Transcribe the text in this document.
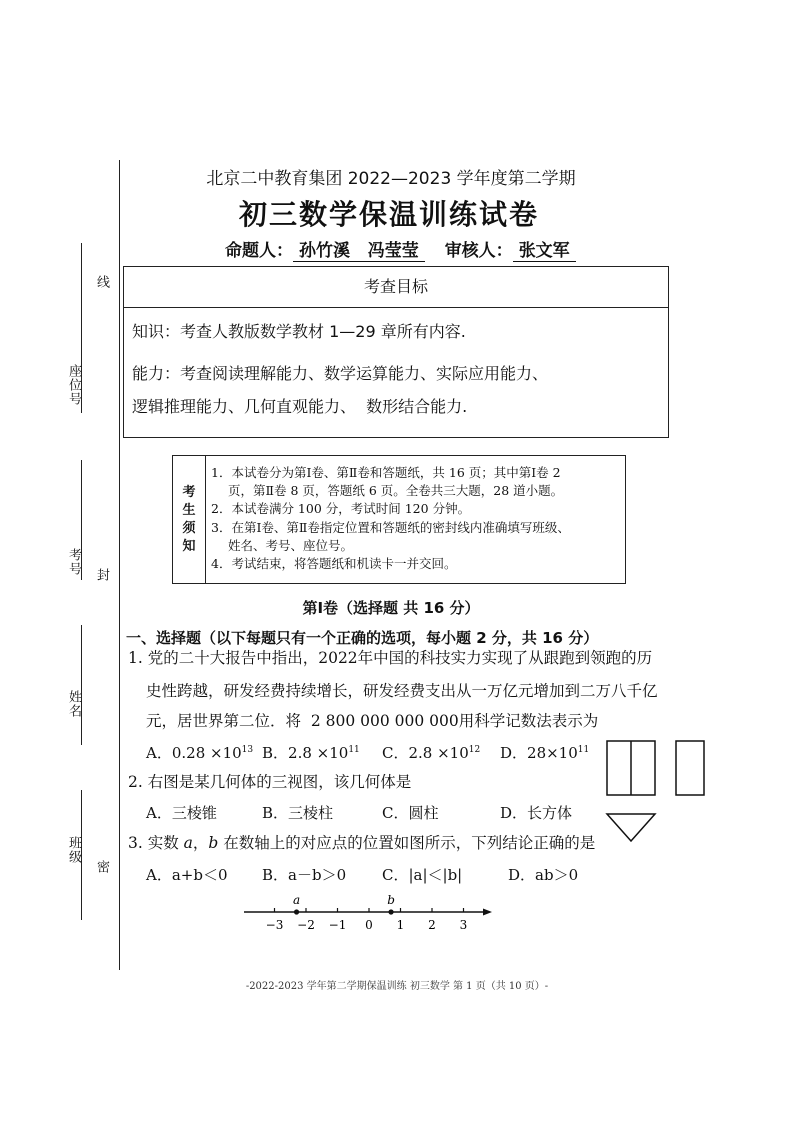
座位号
线
考号 封
姓名
班级
密
北京二中教育集团 2022—2023 学年度第二学期
初三数学保温训练试卷
命题人： 孙竹溪   冯莹莹 审核人： 张文军
考查目标
知识：考查人教版数学教材 1—29 章所有内容.
能力：考查阅读理解能力、数学运算能力、实际应用能力、
逻辑推理能力、几何直观能力、  数形结合能力.
考
生
须
知
1．本试卷分为第Ⅰ卷、第Ⅱ卷和答题纸，共 16 页；其中第Ⅰ卷 2
页，第Ⅱ卷 8 页，答题纸 6 页。全卷共三大题，28 道小题。
2．本试卷满分 100 分，考试时间 120 分钟。
3．在第Ⅰ卷、第Ⅱ卷指定位置和答题纸的密封线内准确填写班级、
姓名、考号、座位号。
4．考试结束，将答题纸和机读卡一并交回。
第Ⅰ卷（选择题 共 16 分）
一、选择题（以下每题只有一个正确的选项，每小题 2 分，共 16 分）
1. 党的二十大报告中指出，2022年中国的科技实力实现了从跟跑到领跑的历
史性跨越，研发经费持续增长，研发经费支出从一万亿元增加到二万八千亿
元，居世界第二位．将  2 800 000 000 000用科学记数法表示为
A．$0.28 \times 10^{13}$ B．$2.8 \times 10^{11}$ C．$2.8 \times 10^{12}$ D．$28\times 10^{11}$
2. 右图是某几何体的三视图，该几何体是
A．三棱锥	B．三棱柱	C．圆柱	D．长方体
3. 实数 a，b 在数轴上的对应点的位置如图所示，下列结论正确的是
A．a+b＜0 B．a－b＞0 C．|a|＜|b|	D．ab＞0
−3 −2 −1 0 1 2 3
a	b
-2022-2023 学年第二学期保温训练 初三数学 第 1 页（共 10 页）-
